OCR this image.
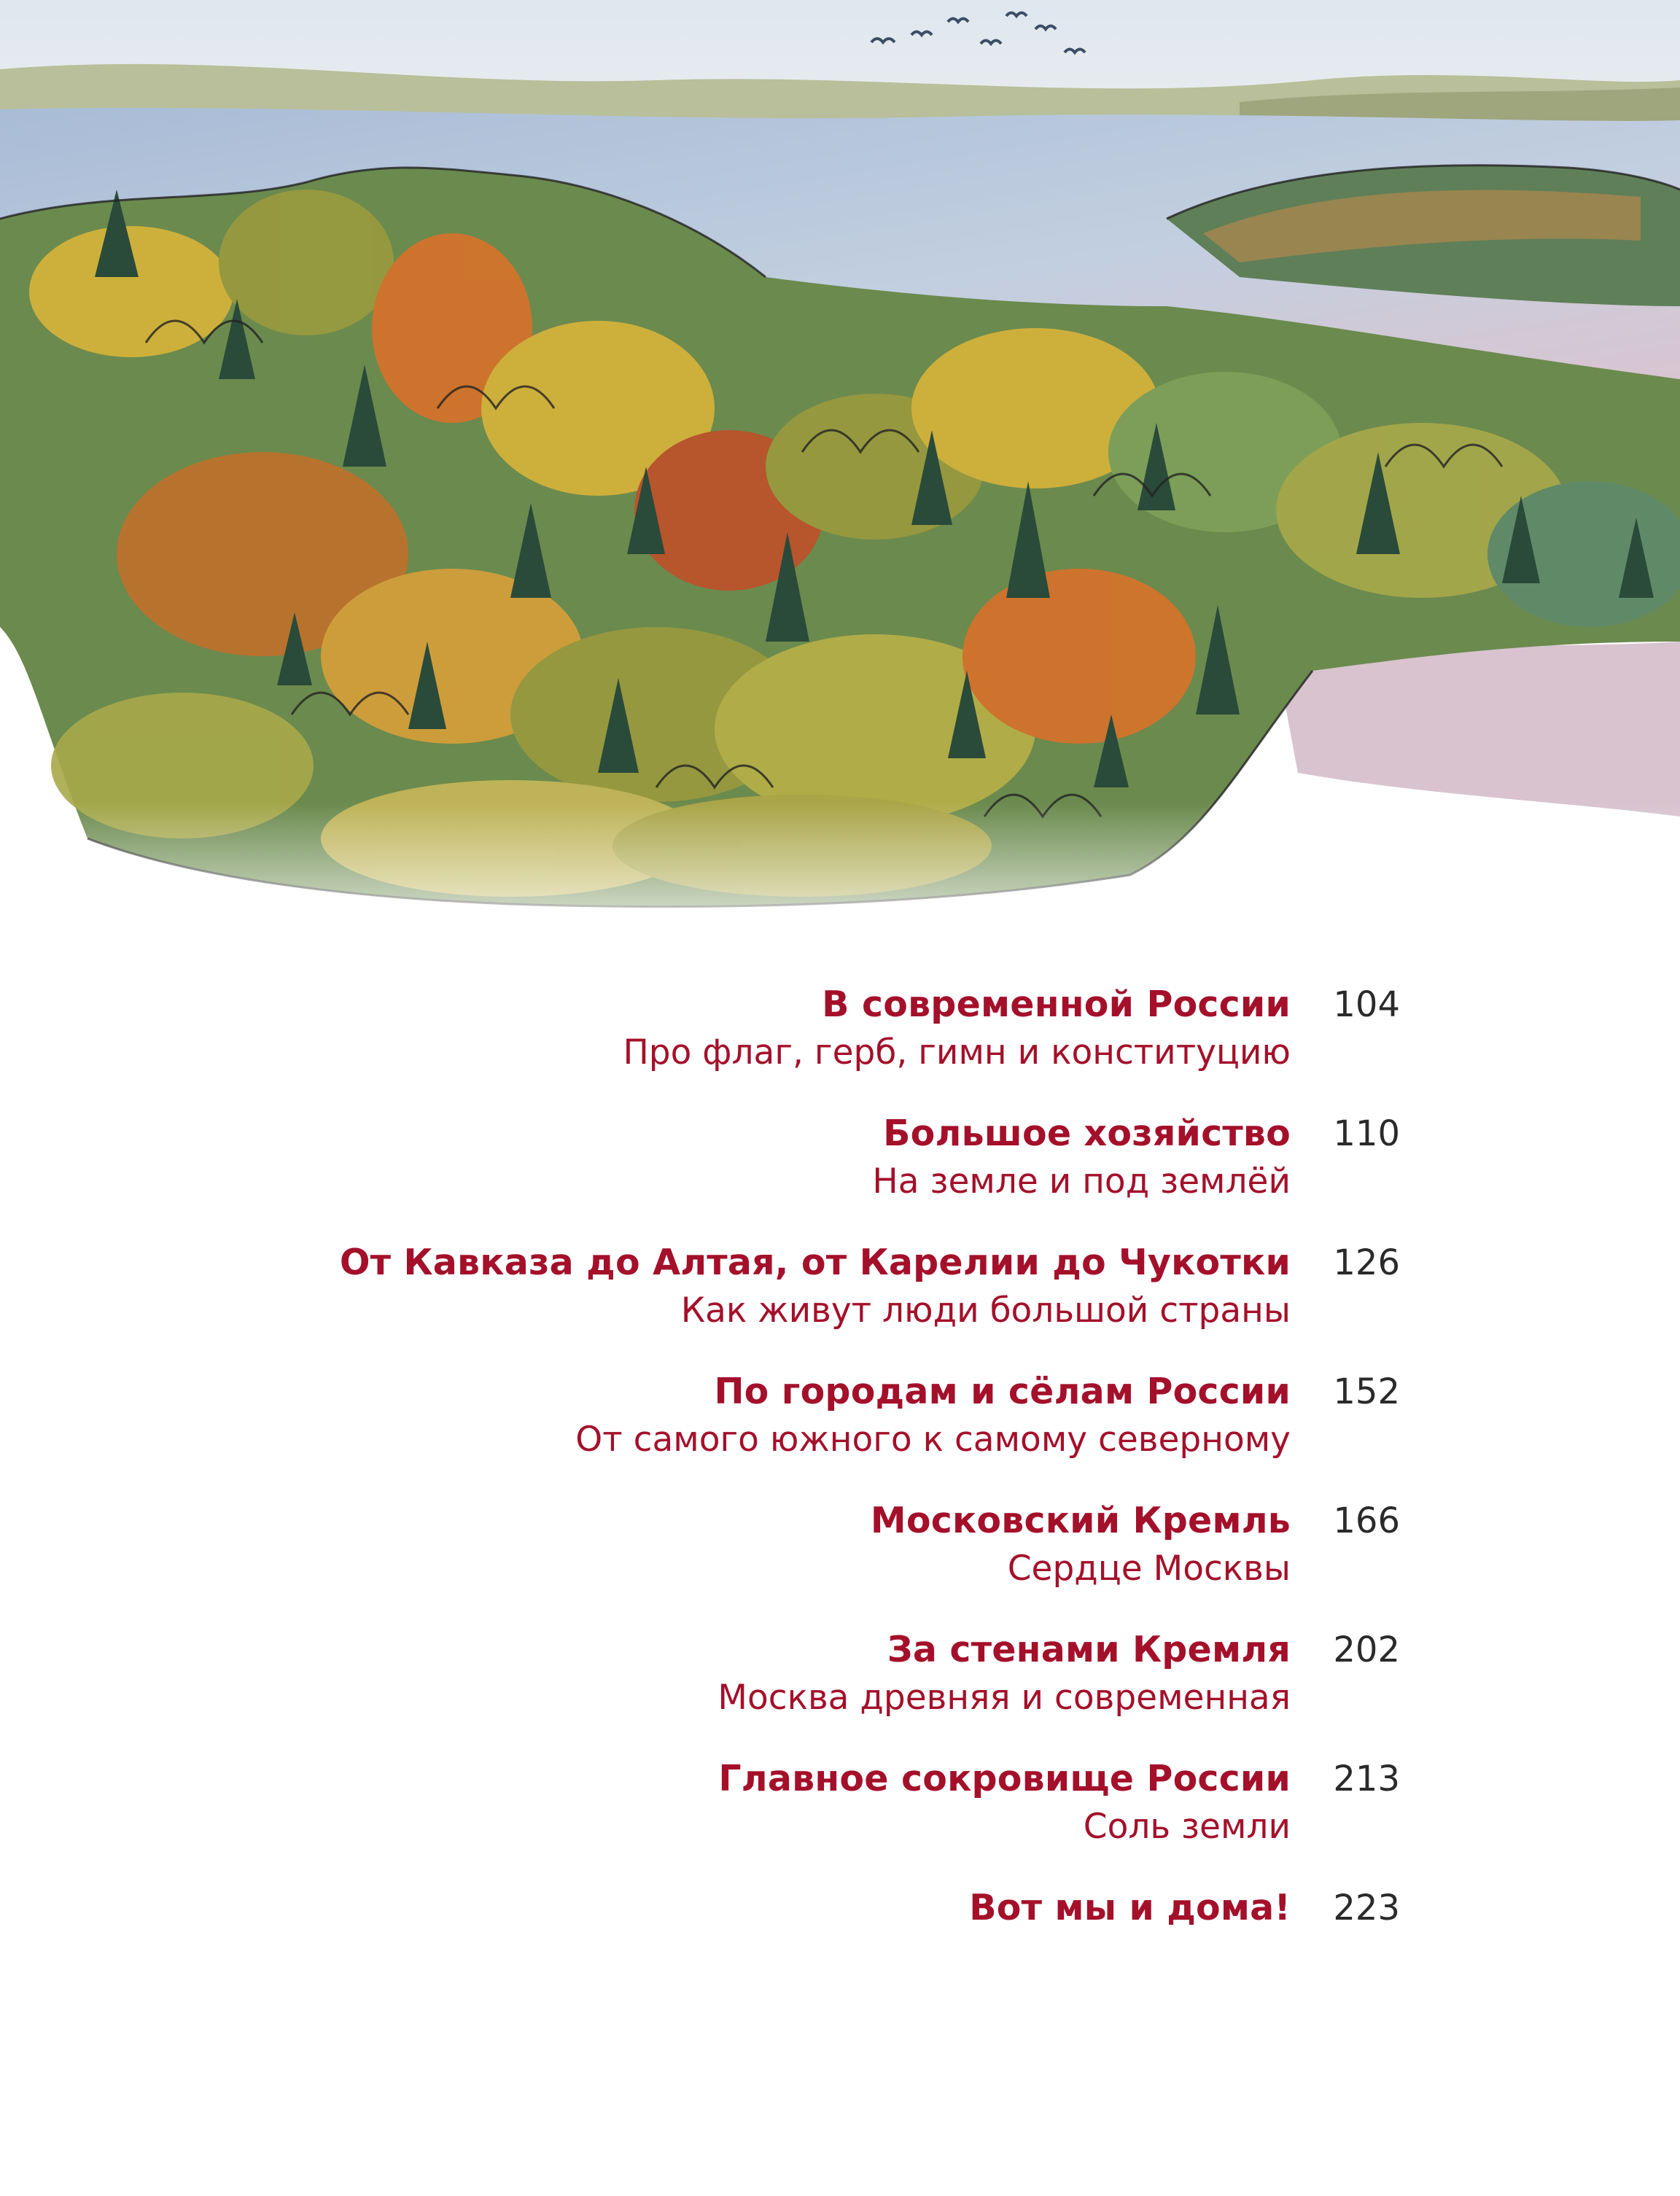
В современной России
Про флаг, герб, гимн и конституцию
104
Большое хозяйство
На земле и под землёй
110
От Кавказа до Алтая, от Карелии до Чукотки
Как живут люди большой страны
126
По городам и сёлам России
От самого южного к самому северному
152
Московский Кремль
Сердце Москвы
166
За стенами Кремля
Москва древняя и современная
202
Главное сокровище России
Соль земли
213
Вот мы и дома!	223
